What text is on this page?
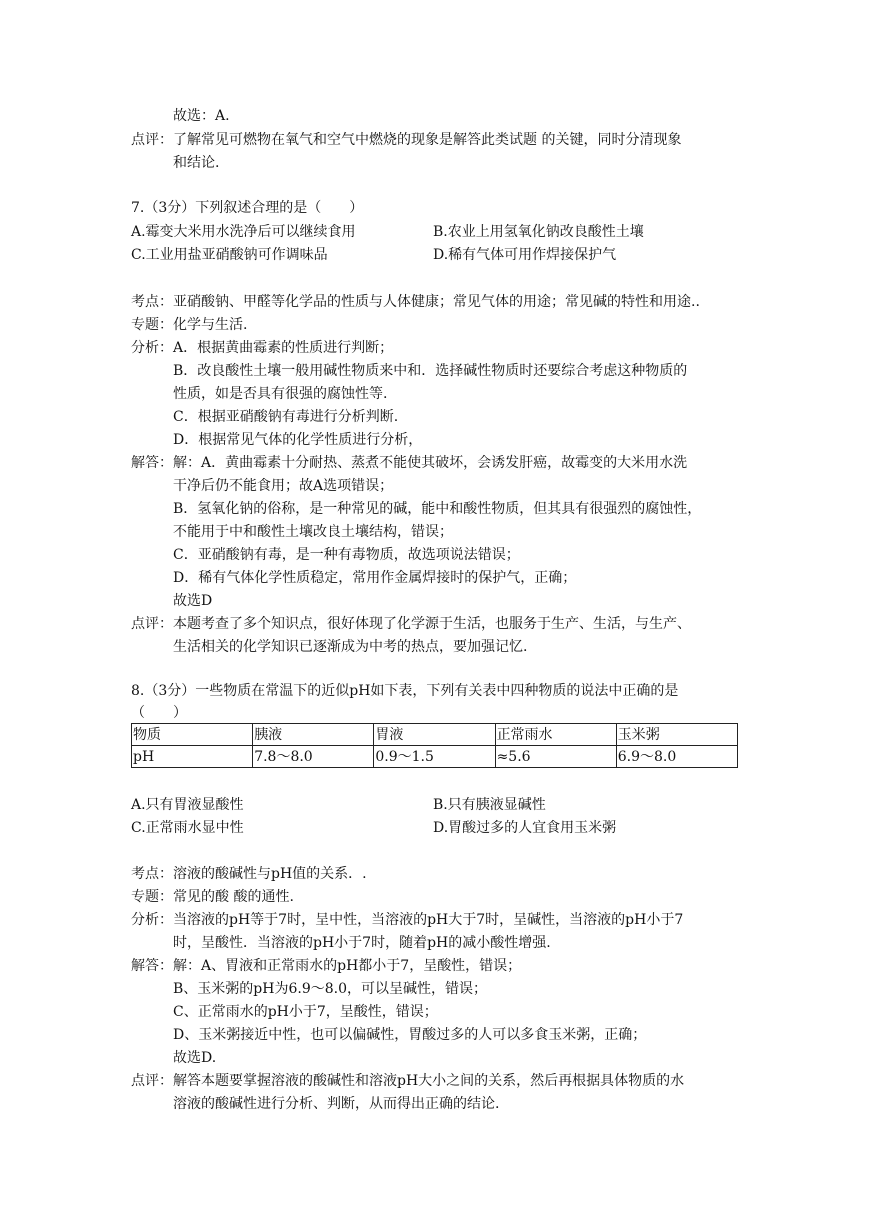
故选：A.
点评： 了解常见可燃物在氧气和空气中燃烧的现象是解答此类试题 的关键，同时分清现象
和结论.
7.（3分）下列叙述合理的是（　　）
A.霉变大米用水洗净后可以继续食用	B.农业上用氢氧化钠改良酸性土壤
C.工业用盐亚硝酸钠可作调味品	D.稀有气体可用作焊接保护气
考点：亚硝酸钠、甲醛等化学品的性质与人体健康；常见气体的用途；常见碱的特性和用途..
专题：化学与生活.
分析： A．根据黄曲霉素的性质进行判断；
B．改良酸性土壤一般用碱性物质来中和．选择碱性物质时还要综合考虑这种物质的
性质，如是否具有很强的腐蚀性等.
C．根据亚硝酸钠有毒进行分析判断.
D．根据常见气体的化学性质进行分析，
解答： 解：A．黄曲霉素十分耐热、蒸煮不能使其破坏，会诱发肝癌，故霉变的大米用水洗
干净后仍不能食用；故A选项错误；
B．氢氧化钠的俗称，是一种常见的碱，能中和酸性物质，但其具有很强烈的腐蚀性，
不能用于中和酸性土壤改良土壤结构，错误；
C．亚硝酸钠有毒，是一种有毒物质，故选项说法错误；
D．稀有气体化学性质稳定，常用作金属焊接时的保护气，正确；
故选D
点评： 本题考查了多个知识点，很好体现了化学源于生活，也服务于生产、生活，与生产、
生活相关的化学知识已逐渐成为中考的热点，要加强记忆.
8.（3分）一些物质在常温下的近似pH如下表，下列有关表中四种物质的说法中正确的是
（　　）
物质	胰液	胃液	正常雨水	玉米粥
pH	7.8～8.0	0.9～1.5	≈5.6	6.9～8.0
A.只有胃液显酸性	B.只有胰液显碱性
C.正常雨水显中性	D.胃酸过多的人宜食用玉米粥
考点：溶液的酸碱性与pH值的关系．.
专题：常见的酸 酸的通性.
分析： 当溶液的pH等于7时，呈中性，当溶液的pH大于7时，呈碱性，当溶液的pH小于7
时，呈酸性．当溶液的pH小于7时，随着pH的减小酸性增强.
解答： 解：A、胃液和正常雨水的pH都小于7，呈酸性，错误；
B、玉米粥的pH为6.9～8.0，可以呈碱性，错误；
C、正常雨水的pH小于7，呈酸性，错误；
D、玉米粥接近中性，也可以偏碱性，胃酸过多的人可以多食玉米粥，正确；
故选D.
点评： 解答本题要掌握溶液的酸碱性和溶液pH大小之间的关系，然后再根据具体物质的水
溶液的酸碱性进行分析、判断，从而得出正确的结论.
